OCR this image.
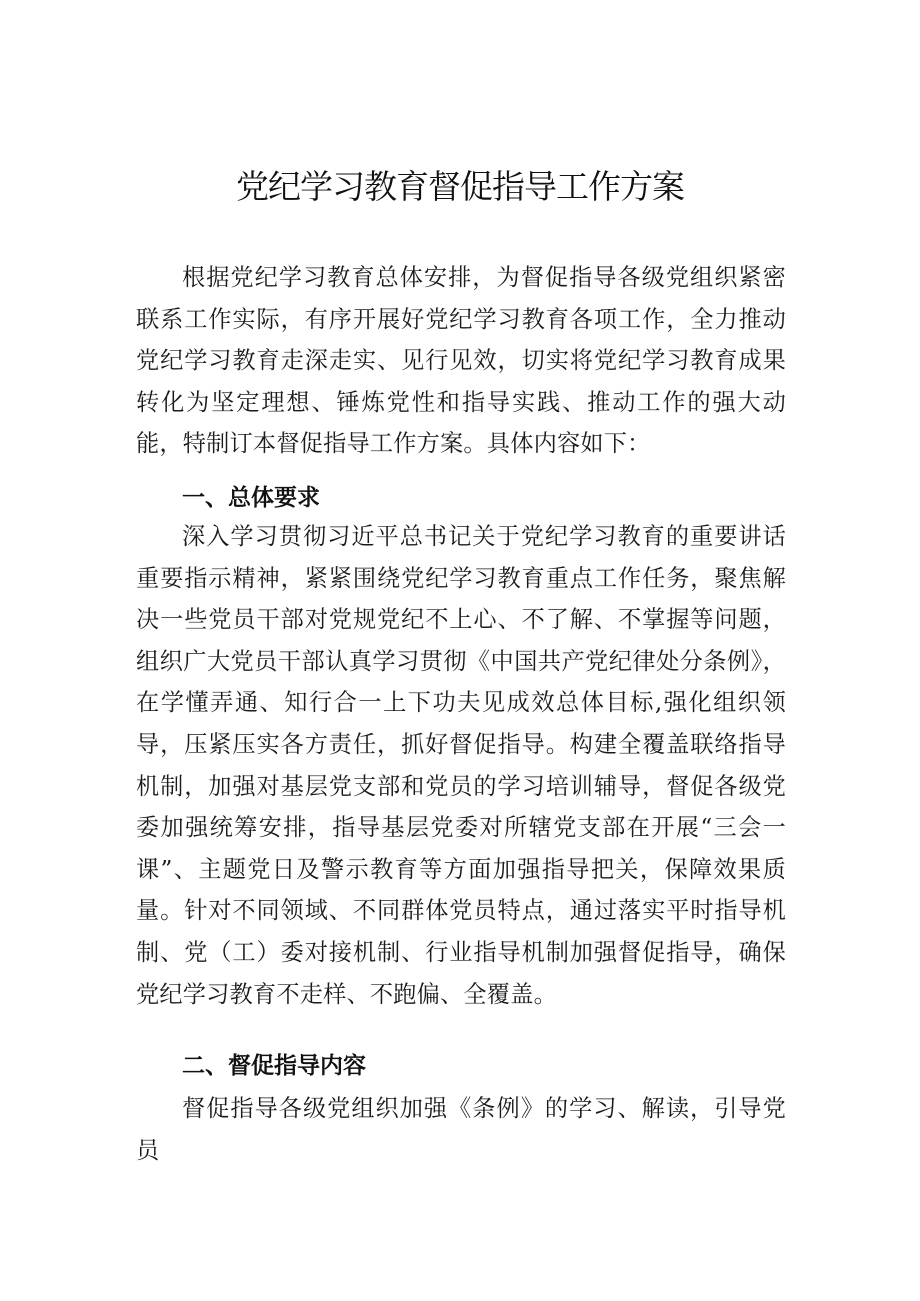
党纪学习教育督促指导工作方案

根据党纪学习教育总体安排，为督促指导各级党组织紧密联系工作实际，有序开展好党纪学习教育各项工作，全力推动党纪学习教育走深走实、见行见效，切实将党纪学习教育成果转化为坚定理想、锤炼党性和指导实践、推动工作的强大动能，特制订本督促指导工作方案。具体内容如下：

一、总体要求

深入学习贯彻习近平总书记关于党纪学习教育的重要讲话重要指示精神，紧紧围绕党纪学习教育重点工作任务，聚焦解决一些党员干部对党规党纪不上心、不了解、不掌握等问题，组织广大党员干部认真学习贯彻《中国共产党纪律处分条例》，在学懂弄通、知行合一上下功夫见成效总体目标,强化组织领导，压紧压实各方责任，抓好督促指导。构建全覆盖联络指导机制，加强对基层党支部和党员的学习培训辅导，督促各级党委加强统筹安排，指导基层党委对所辖党支部在开展“三会一课”、主题党日及警示教育等方面加强指导把关，保障效果质量。针对不同领域、不同群体党员特点，通过落实平时指导机制、党（工）委对接机制、行业指导机制加强督促指导，确保党纪学习教育不走样、不跑偏、全覆盖。

二、督促指导内容

督促指导各级党组织加强《条例》的学习、解读，引导党员
